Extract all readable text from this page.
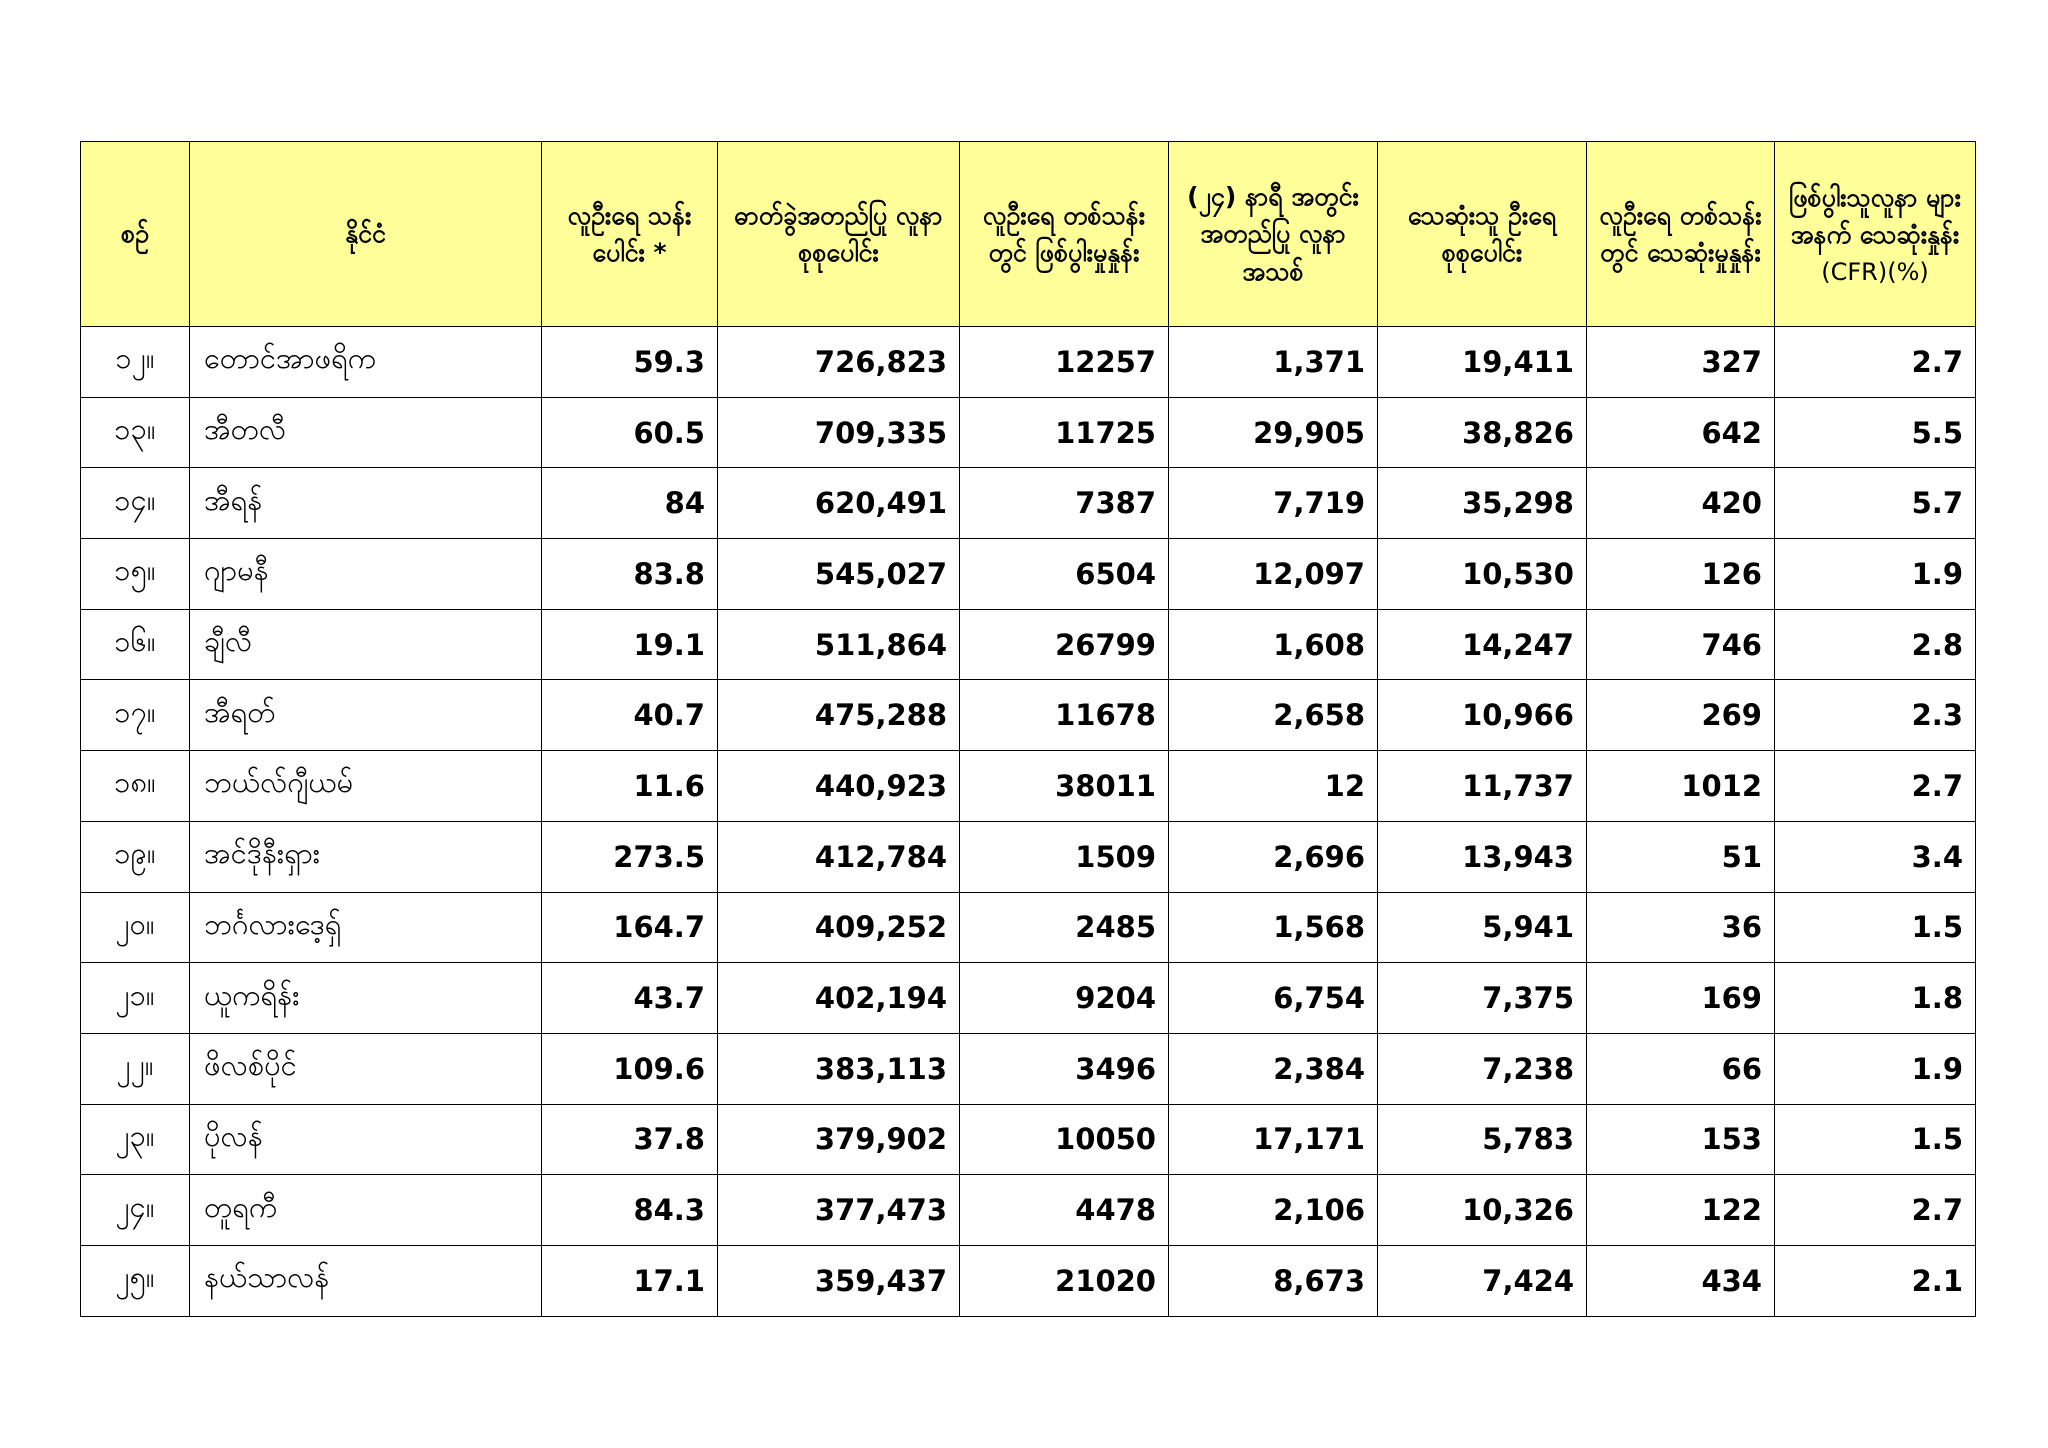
စဉ်	နိုင်ငံ	လူဦးရေ သန်းပေါင်း *	ဓာတ်ခွဲအတည်ပြု လူနာ စုစုပေါင်း	လူဦးရေ တစ်သန်းတွင် ဖြစ်ပွါးမှုနှုန်း	(၂၄) နာရီ အတွင်း အတည်ပြု လူနာအသစ်	သေဆုံးသူ ဦးရေ စုစုပေါင်း	လူဦးရေ တစ်သန်းတွင် သေဆုံးမှုနှုန်း	ဖြစ်ပွါးသူလူနာ များအနက် သေဆုံးနှုန်း
(CFR)(%)

၁၂။	တောင်အာဖရိက	59.3	726,823	12257	1,371	19,411	327	2.7
၁၃။	အီတလီ	60.5	709,335	11725	29,905	38,826	642	5.5
၁၄။	အီရန်	84	620,491	7387	7,719	35,298	420	5.7
၁၅။	ဂျာမနီ	83.8	545,027	6504	12,097	10,530	126	1.9
၁၆။	ချီလီ	19.1	511,864	26799	1,608	14,247	746	2.8
၁၇။	အီရတ်	40.7	475,288	11678	2,658	10,966	269	2.3
၁၈။	ဘယ်လ်ဂျီယမ်	11.6	440,923	38011	12	11,737	1012	2.7
၁၉။	အင်ဒိုနီးရှား	273.5	412,784	1509	2,696	13,943	51	3.4
၂၀။	ဘင်္ဂလားဒေ့ရှ်	164.7	409,252	2485	1,568	5,941	36	1.5
၂၁။	ယူကရိန်း	43.7	402,194	9204	6,754	7,375	169	1.8
၂၂။	ဖိလစ်ပိုင်	109.6	383,113	3496	2,384	7,238	66	1.9
၂၃။	ပိုလန်	37.8	379,902	10050	17,171	5,783	153	1.5
၂၄။	တူရကီ	84.3	377,473	4478	2,106	10,326	122	2.7
၂၅။	နယ်သာလန်	17.1	359,437	21020	8,673	7,424	434	2.1
